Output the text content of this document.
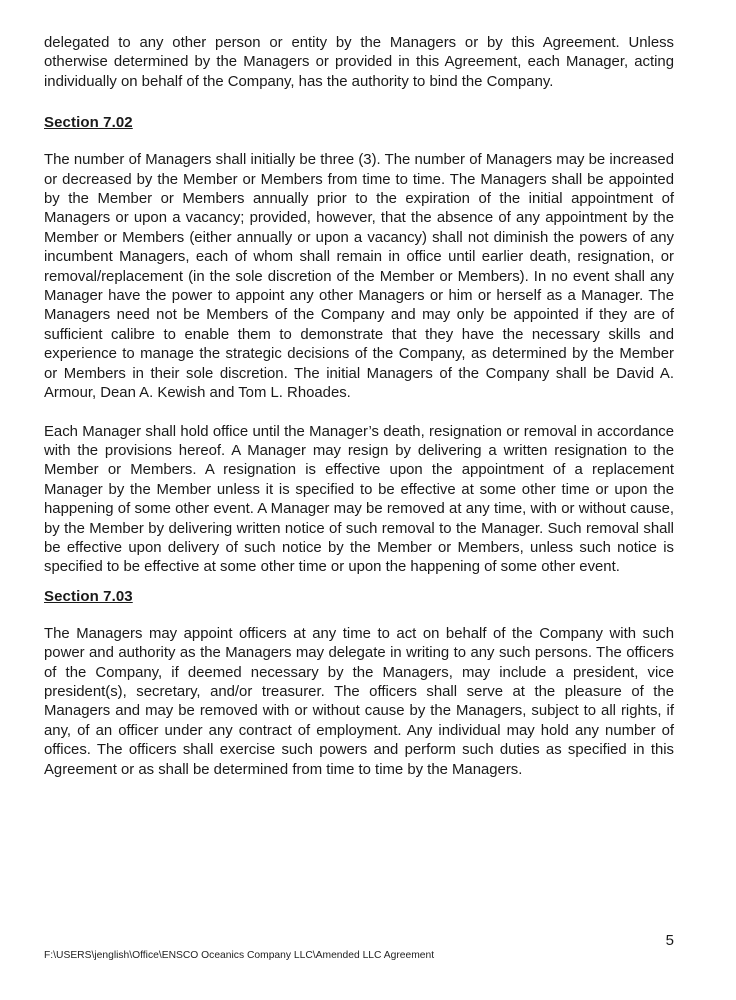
delegated to any other person or entity by the Managers or by this Agreement. Unless otherwise determined by the Managers or provided in this Agreement, each Manager, acting individually on behalf of the Company, has the authority to bind the Company.

Section 7.02

The number of Managers shall initially be three (3). The number of Managers may be increased or decreased by the Member or Members from time to time. The Managers shall be appointed by the Member or Members annually prior to the expiration of the initial appointment of Managers or upon a vacancy; provided, however, that the absence of any appointment by the Member or Members (either annually or upon a vacancy) shall not diminish the powers of any incumbent Managers, each of whom shall remain in office until earlier death, resignation, or removal/replacement (in the sole discretion of the Member or Members). In no event shall any Manager have the power to appoint any other Managers or him or herself as a Manager. The Managers need not be Members of the Company and may only be appointed if they are of sufficient calibre to enable them to demonstrate that they have the necessary skills and experience to manage the strategic decisions of the Company, as determined by the Member or Members in their sole discretion. The initial Managers of the Company shall be David A. Armour, Dean A. Kewish and Tom L. Rhoades.

Each Manager shall hold office until the Manager’s death, resignation or removal in accordance with the provisions hereof. A Manager may resign by delivering a written resignation to the Member or Members. A resignation is effective upon the appointment of a replacement Manager by the Member unless it is specified to be effective at some other time or upon the happening of some other event. A Manager may be removed at any time, with or without cause, by the Member by delivering written notice of such removal to the Manager. Such removal shall be effective upon delivery of such notice by the Member or Members, unless such notice is specified to be effective at some other time or upon the happening of some other event.

Section 7.03

The Managers may appoint officers at any time to act on behalf of the Company with such power and authority as the Managers may delegate in writing to any such persons. The officers of the Company, if deemed necessary by the Managers, may include a president, vice president(s), secretary, and/or treasurer. The officers shall serve at the pleasure of the Managers and may be removed with or without cause by the Managers, subject to all rights, if any, of an officer under any contract of employment. Any individual may hold any number of offices. The officers shall exercise such powers and perform such duties as specified in this Agreement or as shall be determined from time to time by the Managers.

5
F:\USERS\jenglish\Office\ENSCO Oceanics Company LLC\Amended LLC Agreement
